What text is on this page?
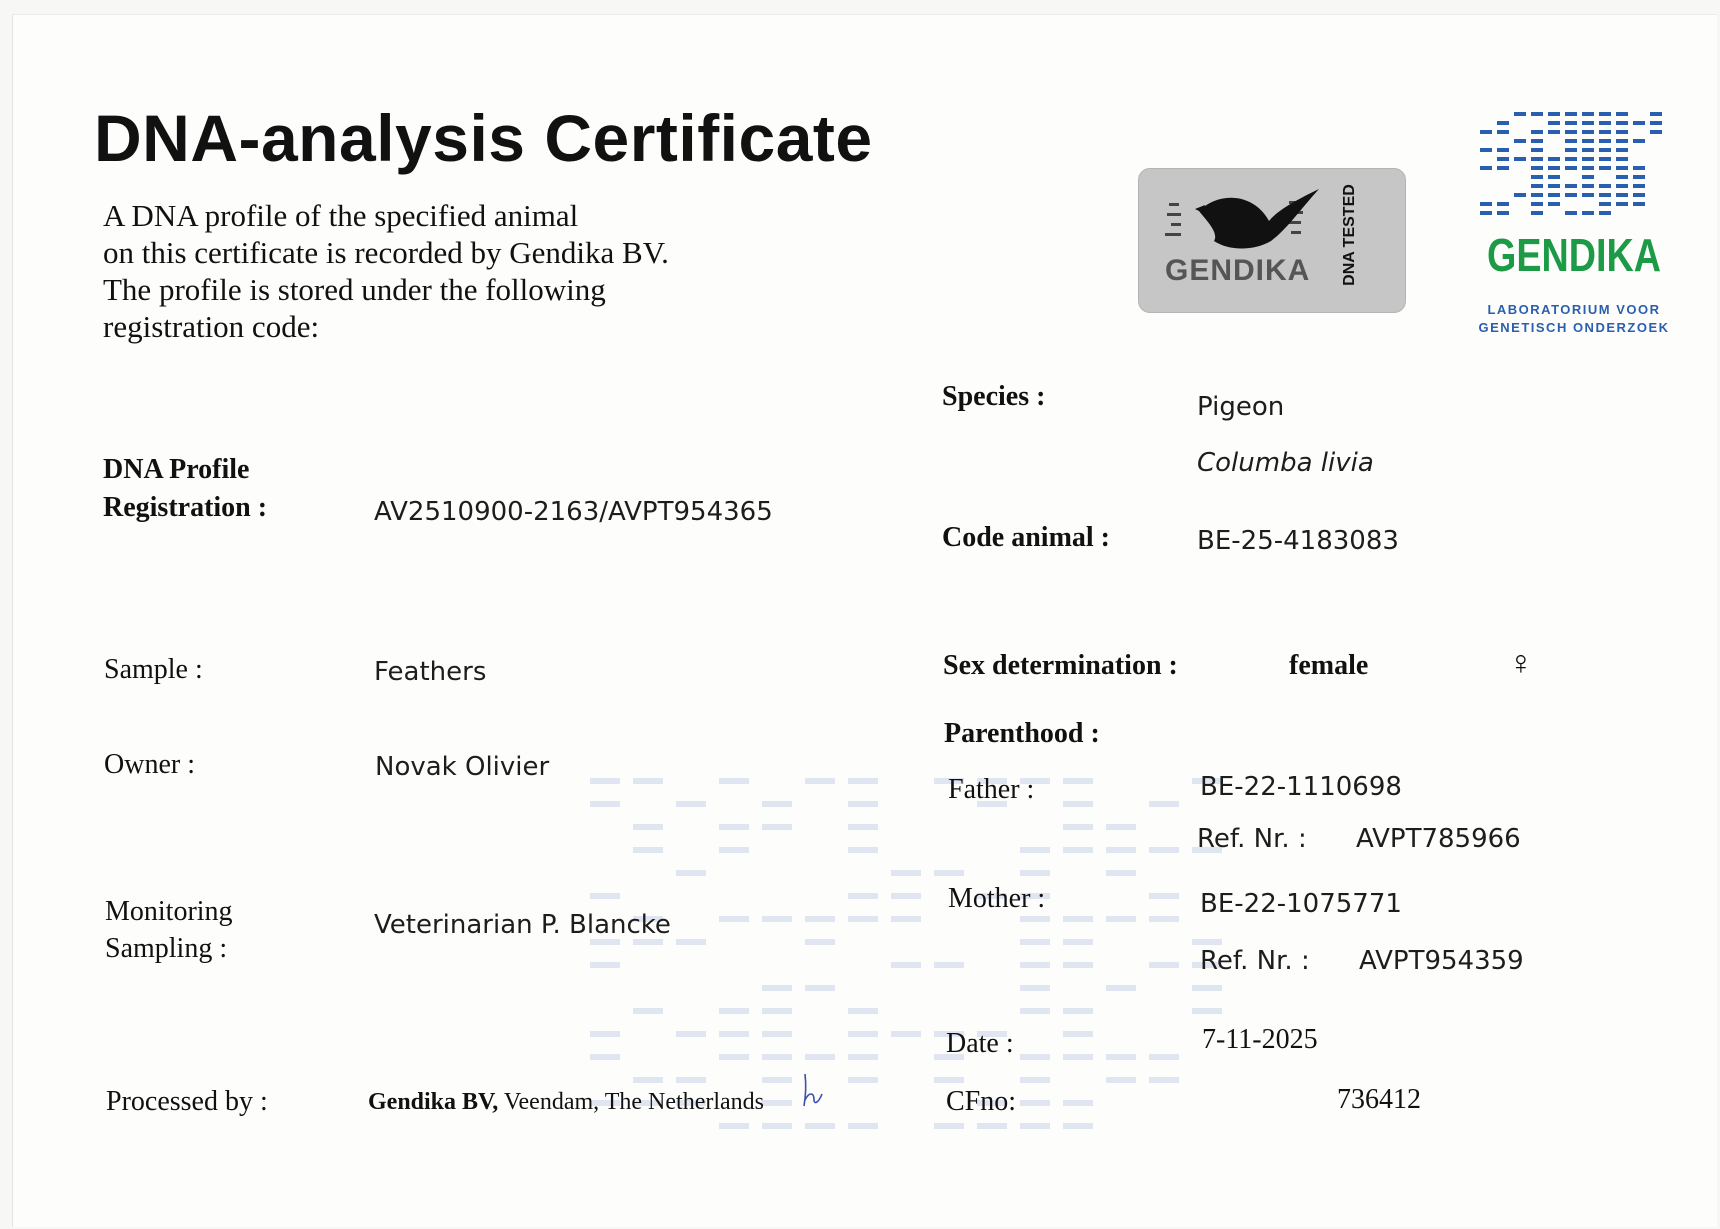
DNA-analysis Certificate
A DNA profile of the specified animal
on this certificate is recorded by Gendika BV.
The profile is stored under the following
registration code:
GENDIKA DNA TESTED	GENDIKA
LABORATORIUM VOOR
GENETISCH ONDERZOEK
DNA Profile
Registration :	AV2510900-2163/AVPT954365
Sample :	Feathers
Owner :	Novak Olivier
Monitoring
Sampling :
Veterinarian P. Blancke
Processed by :	Gendika BV, Veendam, The Netherlands
Species :	Pigeon
Columba livia
Code animal :	BE-25-4183083
Sex determination :	female	♀
Parenthood :
Father :	BE-22-1110698
Ref. Nr. : AVPT785966
Mother :	BE-22-1075771
Ref. Nr. : AVPT954359
Date :	7-11-2025
CFno:	736412
